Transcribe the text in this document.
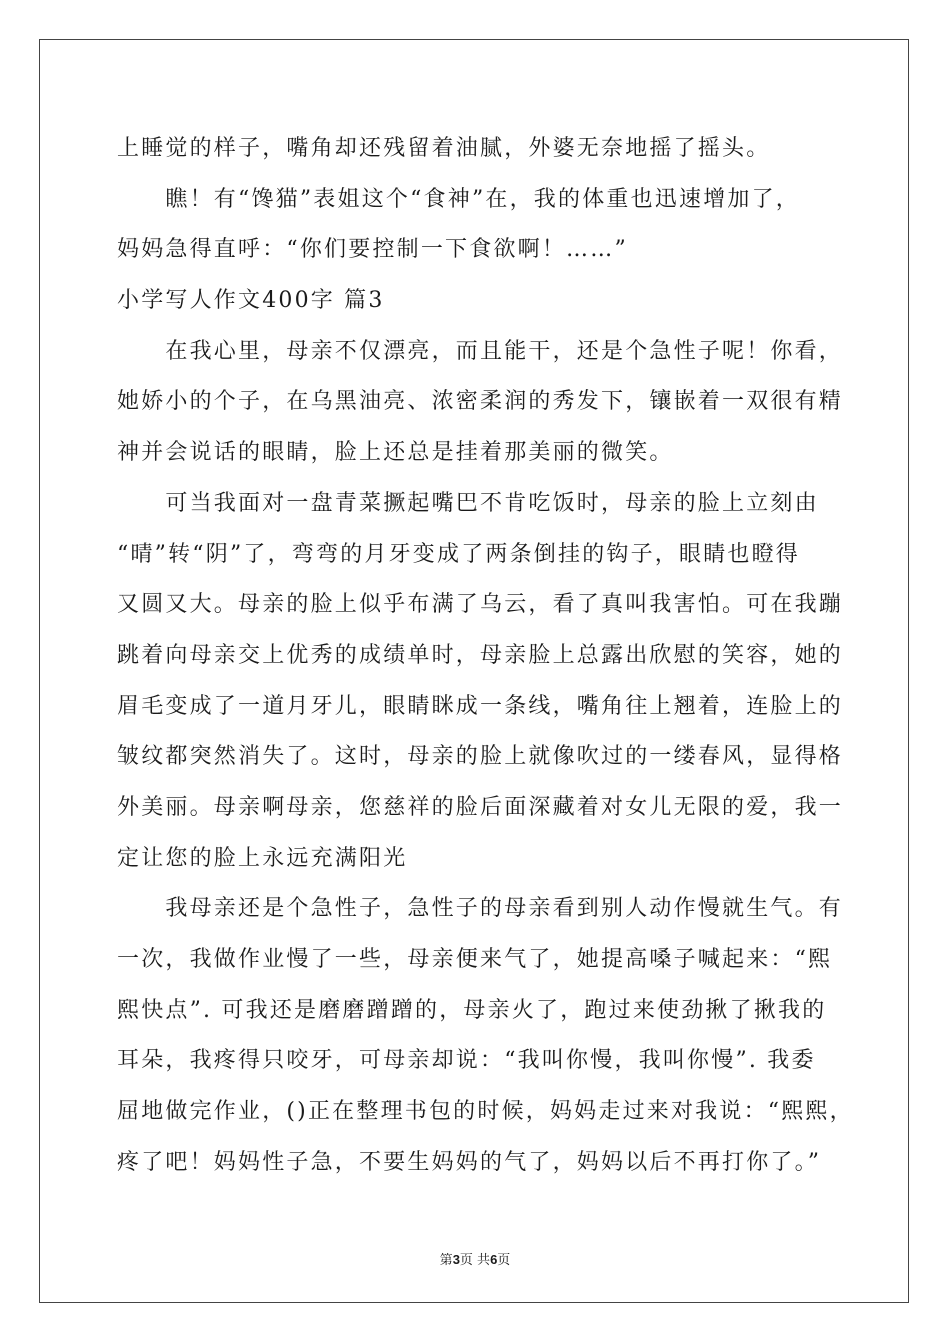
上睡觉的样子，嘴角却还残留着油腻，外婆无奈地摇了摇头。
　　瞧！有“馋猫”表姐这个“食神”在，我的体重也迅速增加了，
妈妈急得直呼：“你们要控制一下食欲啊！……”
小学写人作文400字 篇3
　　在我心里，母亲不仅漂亮，而且能干，还是个急性子呢！你看，
她娇小的个子，在乌黑油亮、浓密柔润的秀发下，镶嵌着一双很有精
神并会说话的眼睛，脸上还总是挂着那美丽的微笑。
　　可当我面对一盘青菜撅起嘴巴不肯吃饭时，母亲的脸上立刻由
“晴”转“阴”了，弯弯的月牙变成了两条倒挂的钩子，眼睛也瞪得
又圆又大。母亲的脸上似乎布满了乌云，看了真叫我害怕。可在我蹦
跳着向母亲交上优秀的成绩单时，母亲脸上总露出欣慰的笑容，她的
眉毛变成了一道月牙儿，眼睛眯成一条线，嘴角往上翘着，连脸上的
皱纹都突然消失了。这时，母亲的脸上就像吹过的一缕春风，显得格
外美丽。母亲啊母亲，您慈祥的脸后面深藏着对女儿无限的爱，我一
定让您的脸上永远充满阳光
　　我母亲还是个急性子，急性子的母亲看到别人动作慢就生气。有
一次，我做作业慢了一些，母亲便来气了，她提高嗓子喊起来：“熙
熙快点”. 可我还是磨磨蹭蹭的，母亲火了，跑过来使劲揪了揪我的
耳朵，我疼得只咬牙，可母亲却说：“我叫你慢，我叫你慢”. 我委
屈地做完作业，()正在整理书包的时候，妈妈走过来对我说：“熙熙，
疼了吧！妈妈性子急，不要生妈妈的气了，妈妈以后不再打你了。”
第3页 共6页
